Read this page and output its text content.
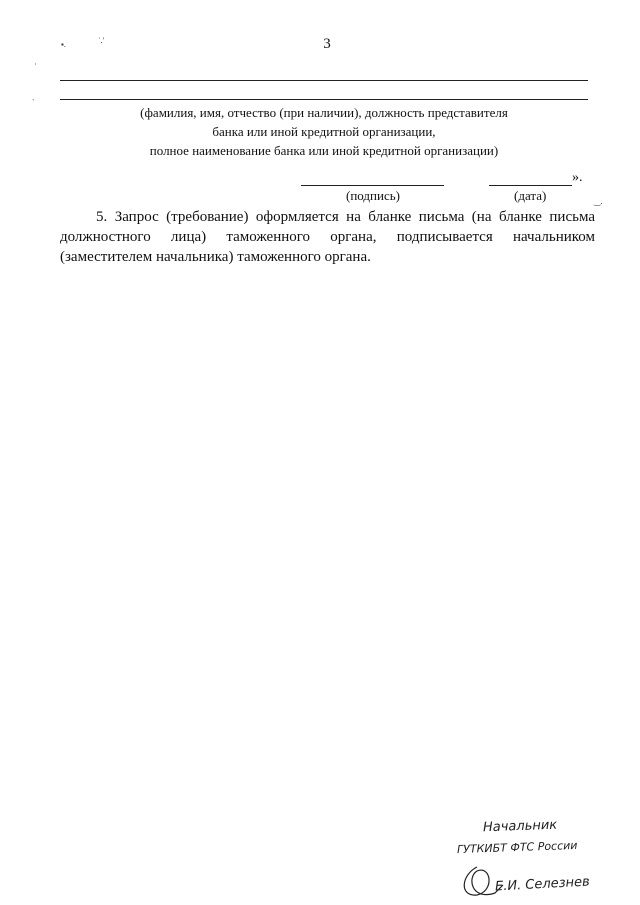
▪.	˙.'
·
`
‿.
3
(фамилия, имя, отчество (при наличии), должность представителя
банка или иной кредитной организации,
полное наименование банка или иной кредитной организации)
».
(подпись)	(дата)

5. Запрос (требование) оформляется на бланке письма (на бланке письма должностного лица) таможенного органа, подписывается начальником (заместителем начальника) таможенного органа.

Начальник
ГУТКИБТ ФТС России
Е.И. Селезнев
